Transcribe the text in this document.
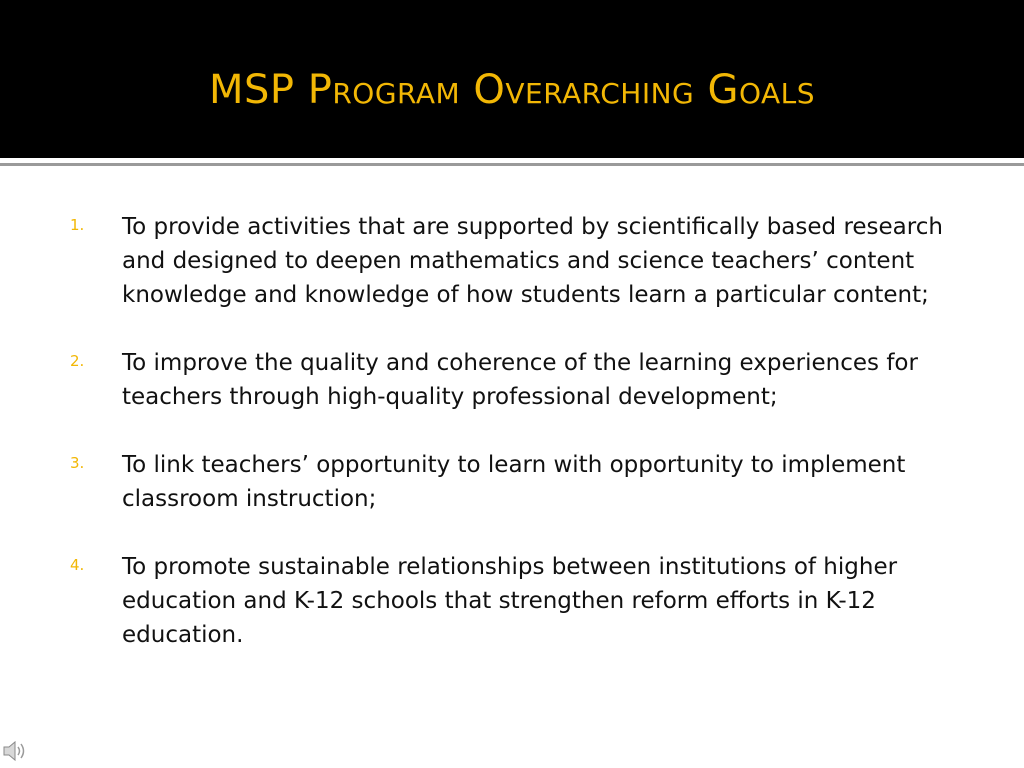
MSP Program Overarching Goals
1. To provide activities that are supported by scientifically based research and designed to deepen mathematics and science teachers’ content knowledge and knowledge of how students learn a particular content;
2. To improve the quality and coherence of the learning experiences for teachers through high-quality professional development;
3. To link teachers’ opportunity to learn with opportunity to implement classroom instruction;
4. To promote sustainable relationships between institutions of higher education and K-12 schools that strengthen reform efforts in K-12 education.
